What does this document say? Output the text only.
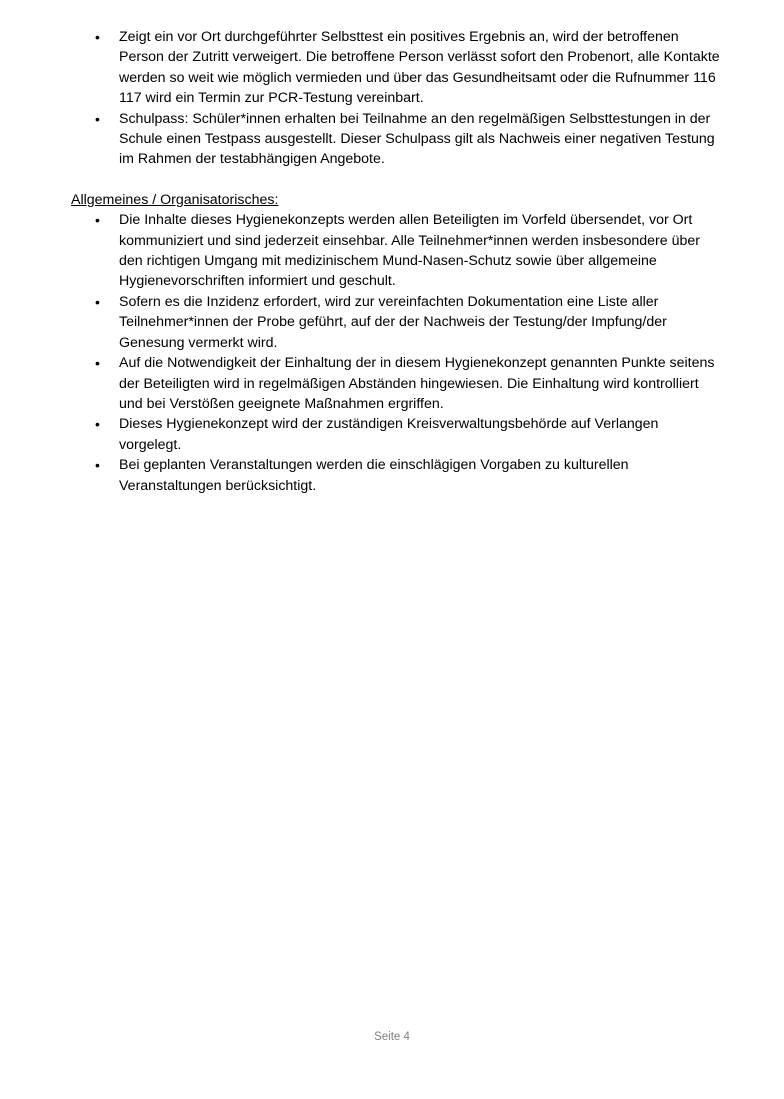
•	Zeigt ein vor Ort durchgeführter Selbsttest ein positives Ergebnis an, wird der betroffenen Person der Zutritt verweigert. Die betroffene Person verlässt sofort den Probenort, alle Kontakte werden so weit wie möglich vermieden und über das Gesundheitsamt oder die Rufnummer 116 117 wird ein Termin zur PCR-Testung vereinbart.
•	Schulpass: Schüler*innen erhalten bei Teilnahme an den regelmäßigen Selbsttestungen in der Schule einen Testpass ausgestellt. Dieser Schulpass gilt als Nachweis einer negativen Testung im Rahmen der testabhängigen Angebote.
Allgemeines / Organisatorisches:
•	Die Inhalte dieses Hygienekonzepts werden allen Beteiligten im Vorfeld übersendet, vor Ort kommuniziert und sind jederzeit einsehbar. Alle Teilnehmer*innen werden insbesondere über den richtigen Umgang mit medizinischem Mund-Nasen-Schutz sowie über allgemeine Hygienevorschriften informiert und geschult.
•	Sofern es die Inzidenz erfordert, wird zur vereinfachten Dokumentation eine Liste aller Teilnehmer*innen der Probe geführt, auf der der Nachweis der Testung/der Impfung/der Genesung vermerkt wird.
•	Auf die Notwendigkeit der Einhaltung der in diesem Hygienekonzept genannten Punkte seitens der Beteiligten wird in regelmäßigen Abständen hingewiesen. Die Einhaltung wird kontrolliert und bei Verstößen geeignete Maßnahmen ergriffen.
•	Dieses Hygienekonzept wird der zuständigen Kreisverwaltungsbehörde auf Verlangen vorgelegt.
•	Bei geplanten Veranstaltungen werden die einschlägigen Vorgaben zu kulturellen Veranstaltungen berücksichtigt.
Seite 4
